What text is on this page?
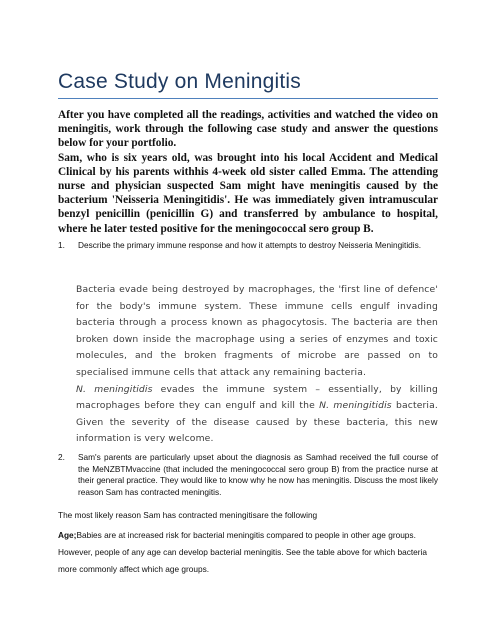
Case Study on Meningitis

After you have completed all the readings, activities and watched the video on meningitis, work through the following case study and answer the questions below for your portfolio.

Sam, who is six years old, was brought into his local Accident and Medical Clinical by his parents withhis 4-week old sister called Emma. The attending nurse and physician suspected Sam might have meningitis caused by the bacterium 'Neisseria Meningitidis'. He was immediately given intramuscular benzyl penicillin (penicillin G) and transferred by ambulance to hospital, where he later tested positive for the meningococcal sero group B.

1. Describe the primary immune response and how it attempts to destroy Neisseria Meningitidis.

Bacteria evade being destroyed by macrophages, the 'first line of defence' for the body's immune system. These immune cells engulf invading bacteria through a process known as phagocytosis. The bacteria are then broken down inside the macrophage using a series of enzymes and toxic molecules, and the broken fragments of microbe are passed on to specialised immune cells that attack any remaining bacteria.

N. meningitidis evades the immune system – essentially, by killing macrophages before they can engulf and kill the N. meningitidis bacteria. Given the severity of the disease caused by these bacteria, this new information is very welcome.

2. Sam's parents are particularly upset about the diagnosis as Samhad received the full course of the MeNZBTMvaccine (that included the meningococcal sero group B) from the practice nurse at their general practice. They would like to know why he now has meningitis. Discuss the most likely reason Sam has contracted meningitis.
The most likely reason Sam has contracted meningitisare the following
Age;Babies are at increased risk for bacterial meningitis compared to people in other age groups. However, people of any age can develop bacterial meningitis. See the table above for which bacteria more commonly affect which age groups.
